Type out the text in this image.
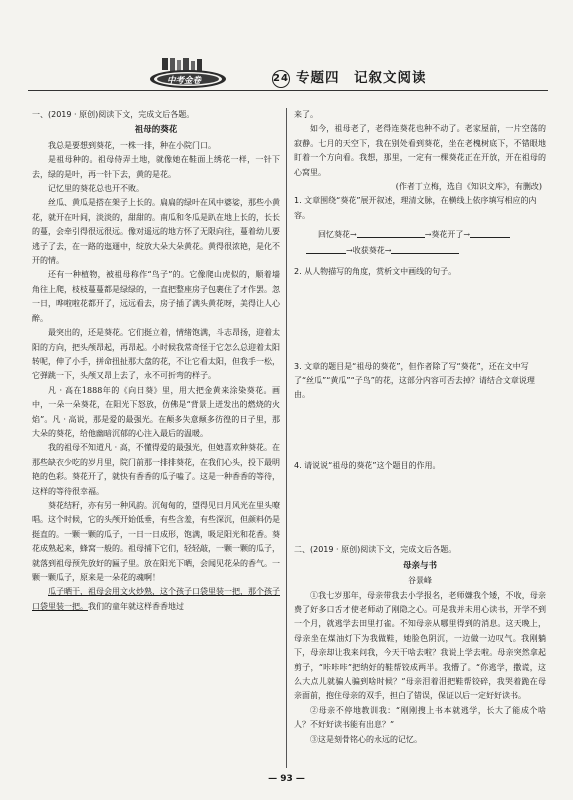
中考金卷	24 专题四　记叙文阅读

一、(2019 · 原创)阅读下文，完成文后各题。

祖母的葵花

我总是要想到葵花，一株一排，种在小院门口。

是祖母种的。祖母侍弄土地，就像她在鞋面上绣花一样，一针下去，绿的是叶，再一针下去，黄的是花。

记忆里的葵花总也开不败。

丝瓜、黄瓜是搭在架子上长的。扁扁的绿叶在风中婆娑，那些小黄花，就开在叶间，淡淡的，甜甜的。南瓜和冬瓜是趴在地上长的，长长的蔓，会牵引得很远很远。像对遥远的地方怀了无限向往，蔓着幼儿要逃子了去，在一路的迤逦中，绽放大朵大朵黄花。黄得很浓艳，是化不开的情。

还有一种植物，被祖母称作“鸟子”的。它像爬山虎似的，顺着墙角往上爬，枝枝蔓蔓都是绿绿的，一直把整座房子包裹住了才作罢。忽一日，哗啦啦花都开了，远远看去，房子插了满头黄花呀，美得让人心醉。

最突出的，还是葵花。它们挺立着，情绪饱满，斗志昂扬，迎着太阳的方向，把头颅昂起，再昂起。小时候我常奇怪于它怎么总迎着太阳转呢，伸了小手，拼命扭扯那大盘的花，不让它看太阳，但我手一松，它弹跳一下，头颅又昂上去了，永不可折弯的样子。

凡 · 高在1888年的《向日葵》里，用大把金黄来涂染葵花。画中，一朵一朵葵花，在阳光下怒放，仿佛是“背景上迸发出的燃烧的火焰”。凡 · 高说，那是爱的最强光。在颠多失意颠多彷徨的日子里，那大朵的葵花，给他幽暗沉郁的心注入最后的温暖。

我的祖母不知道凡 · 高，不懂得爱的最强光，但她喜欢种葵花。在那些缺衣少吃的岁月里，院门前那一排排葵花，在我们心头，投下最明艳的色彩。葵花开了，就快有香香的瓜子嗑了。这是一种香香的等待，这样的等待很幸福。

葵花结籽，亦有另一种风韵。沉甸甸的，望得见日月风光在里头嘹唱。这个时候，它的头颅开始低垂，有些含羞，有些深沉，但颜料仍是挺直的。一颗一颗的瓜子，一日一日成形，饱满，吸足阳光和花香。葵花成熟起来，蜂窝一般的。祖母捕下它们，轻轻敲，一颗一颗的瓜子，就落到祖母预先放好的匾子里。放在阳光下晒，会闻见花朵的香气。一颗一颗瓜子，原来是一朵花的魂啊！

瓜子晒干，祖母会用文火炒熟，这个孩子口袋里装一把，那个孩子口袋里装一把。我们的童年就这样香香地过

来了。

如今，祖母老了，老得连葵花也种不动了。老家屋前，一片空荡的寂静。七月的天空下，我在别处看到葵花，坐在老槐树底下，不错眼地盯着一个方向看。我想，那里，一定有一棵葵花正在开放，开在祖母的心窝里。

(作者丁立梅，选自《知识文库》，有删改)

1. 文章围绕“葵花”展开叙述，理清文脉，在横线上依序填写相应的内容。

回忆葵花→	→葵花开了→
→收获葵花→

2. 从人物描写的角度，赏析文中画线的句子。

3. 文章的题目是“祖母的葵花”，但作者除了写“葵花”，还在文中写了“丝瓜”“黄瓜”“子鸟”的花，这部分内容可否去掉？请结合文章说理由。

4. 请说说“祖母的葵花”这个题目的作用。

二、(2019 · 原创)阅读下文，完成文后各题。

母亲与书

谷景峰

①我七岁那年，母亲带我去小学报名，老师嫌我个矮，不收，母亲费了好多口舌才使老师动了刚隐之心。可是我并未用心读书，开学不到一个月，就逃学去田里打雀。不知母亲从哪里得到的消息。这天晚上，母亲坐在煤油灯下为我做鞋，她脸色阴沉，一边做一边叹气。我刚躺下，母亲却让我来问我，今天干啥去啦？我说上学去啦。母亲突然拿起剪子，“咔咔咔”把纳好的鞋帮铰成两半。我懵了。“你逃学，撒谎，这么大点儿就骗人骗到啥时候？”母亲泪着泪把鞋帮铰碎，我哭着跪在母亲面前，抱住母亲的双手，担白了错误，保证以后一定好好读书。

②母亲不停地教训我：“刚刚搜上书本就逃学，长大了能成个啥人？不好好读书能有出息？”

③这是刻骨铭心的永远的记忆。

— 93 —
